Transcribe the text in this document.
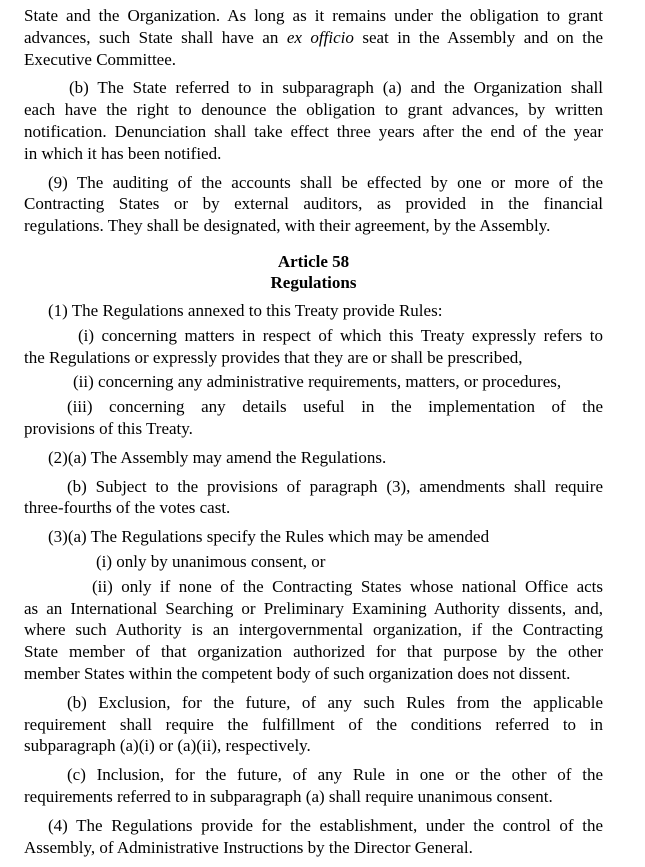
State and the Organization. As long as it remains under the obligation to grant
advances, such State shall have an ex officio seat in the Assembly and on the
Executive Committee.
(b) The State referred to in subparagraph (a) and the Organization shall
each have the right to denounce the obligation to grant advances, by written
notification. Denunciation shall take effect three years after the end of the year
in which it has been notified.
(9) The auditing of the accounts shall be effected by one or more of the
Contracting States or by external auditors, as provided in the financial
regulations. They shall be designated, with their agreement, by the Assembly.
Article 58
Regulations
(1) The Regulations annexed to this Treaty provide Rules:
(i) concerning matters in respect of which this Treaty expressly refers to
the Regulations or expressly provides that they are or shall be prescribed,
(ii) concerning any administrative requirements, matters, or procedures,
(iii) concerning any details useful in the implementation of the
provisions of this Treaty.
(2)(a) The Assembly may amend the Regulations.
(b) Subject to the provisions of paragraph (3), amendments shall require
three-fourths of the votes cast.
(3)(a) The Regulations specify the Rules which may be amended
(i) only by unanimous consent, or
(ii) only if none of the Contracting States whose national Office acts
as an International Searching or Preliminary Examining Authority dissents, and,
where such Authority is an intergovernmental organization, if the Contracting
State member of that organization authorized for that purpose by the other
member States within the competent body of such organization does not dissent.
(b) Exclusion, for the future, of any such Rules from the applicable
requirement shall require the fulfillment of the conditions referred to in
subparagraph (a)(i) or (a)(ii), respectively.
(c) Inclusion, for the future, of any Rule in one or the other of the
requirements referred to in subparagraph (a) shall require unanimous consent.
(4) The Regulations provide for the establishment, under the control of the
Assembly, of Administrative Instructions by the Director General.
